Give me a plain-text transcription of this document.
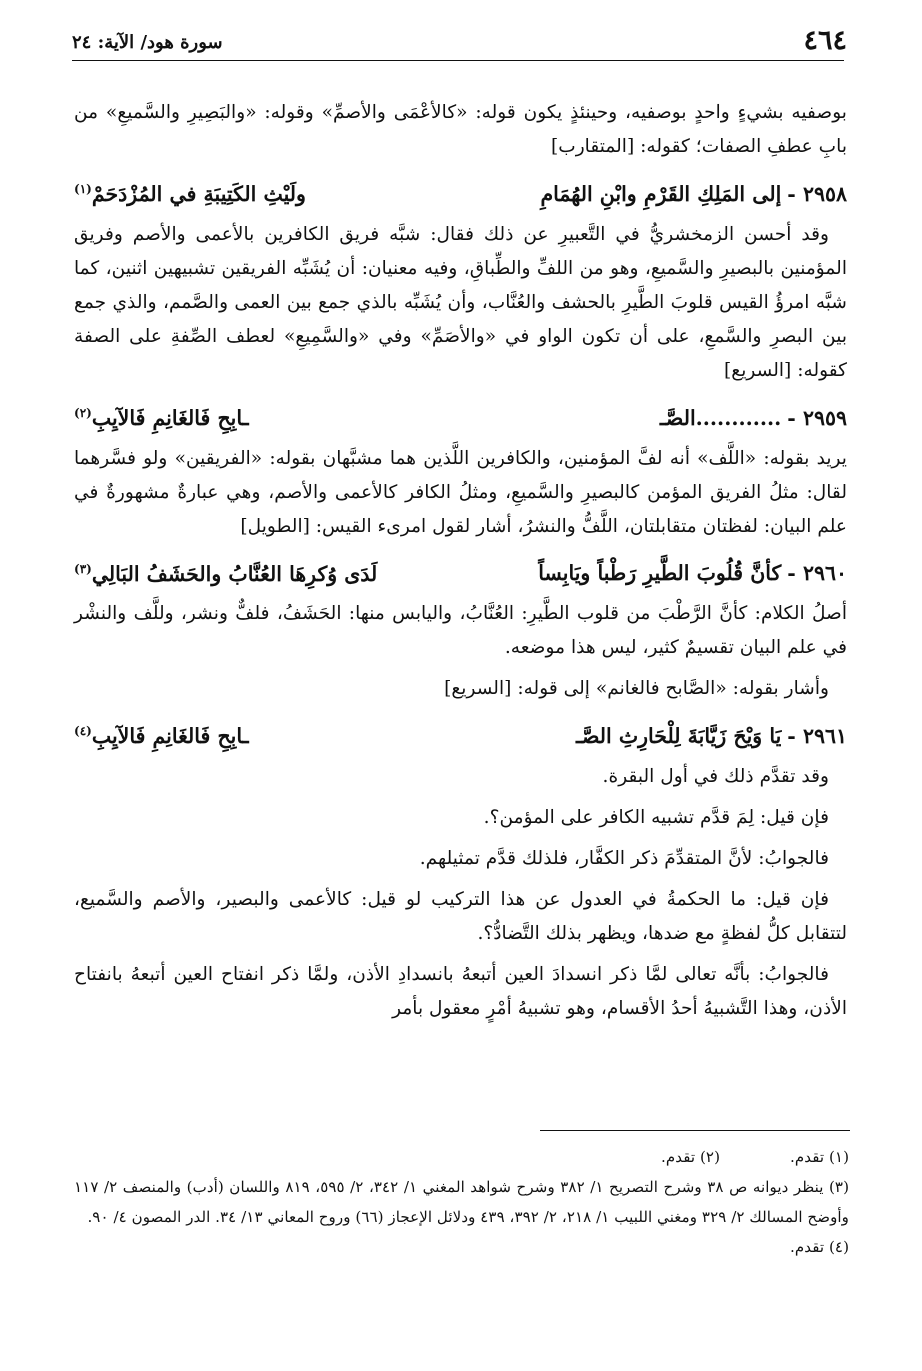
٤٦٤
سورة هود/ الآية: ٢٤

بوصفيه بشيءٍ واحدٍ بوصفيه، وحينئذٍ يكون قوله: «كالأعْمَى والأصمِّ» وقوله: «والبَصِيرِ والسَّميعِ» من بابِ عطفِ الصفات؛ كقوله: [المتقارب]

٢٩٥٨ -
إلى المَلِكِ القَرْمِ وابْنِ الهُمَامِ
ولَيْثِ الكَتِيبَةِ في المُزْدَحَمْ$^{(١)}$

وقد أحسن الزمخشريُّ في التَّعبيرِ عن ذلك فقال: شبَّه فريق الكافرين بالأعمى والأصم وفريق المؤمنين بالبصيرِ والسَّميعِ، وهو من اللفِّ والطِّباقِ، وفيه معنيان: أن يُشَبِّه الفريقين تشبيهين اثنين، كما شبَّه امرؤُ القيس قلوبَ الطَّيرِ بالحشف والعُنَّاب، وأن يُشَبِّه بالذي جمع بين العمى والصَّمم، والذي جمع بين البصرِ والسَّمعِ، على أن تكون الواو في «والأصَمِّ» وفي «والسَّمِيعِ» لعطف الصِّفةِ على الصفة كقوله: [السريع]

٢٩٥٩ -
............الصَّـ
ـابِحِ فَالغَانِمِ فَالآيِبِ$^{(٢)}$

يريد بقوله: «اللَّف» أنه لفَّ المؤمنين، والكافرين اللَّذين هما مشبَّهان بقوله: «الفريقين» ولو فسَّرهما لقال: مثلُ الفريق المؤمن كالبصيرِ والسَّميعِ، ومثلُ الكافر كالأعمى والأصم، وهي عبارةٌ مشهورةٌ في علم البيان: لفظتان متقابلتان، اللَّفُّ والنشرُ، أشار لقول امرىء القيس: [الطويل]

٢٩٦٠ -
كأنَّ قُلُوبَ الطَّيرِ رَطْباً ويَابِساً
لَدَى وُكرِهَا العُنَّابُ والحَشَفُ البَالِي$^{(٣)}$

أصلُ الكلام: كأنَّ الرَّطْبَ من قلوب الطَّيرِ: العُنَّابُ، واليابس منها: الحَشَفُ، فلفٌّ ونشر، وللَّف والنشْر في علم البيان تقسيمٌ كثير، ليس هذا موضعه.

وأشار بقوله: «الصَّابح فالغانم» إلى قوله: [السريع]

٢٩٦١ -
يَا وَيْحَ زَيَّابَةَ لِلْحَارِثِ الصَّـ
ـابِحِ فَالغَانِمِ فَالآيِبِ$^{(٤)}$

وقد تقدَّم ذلك في أول البقرة.

فإن قيل: لِمَ قدَّم تشبيه الكافر على المؤمن؟.

فالجوابُ: لأنَّ المتقدِّمَ ذكر الكفَّار، فلذلك قدَّم تمثيلهم.

فإن قيل: ما الحكمةُ في العدول عن هذا التركيب لو قيل: كالأعمى والبصير، والأصم والسَّميع، لتتقابل كلُّ لفظةٍ مع ضدها، ويظهر بذلك التَّضادُّ؟.

فالجوابُ: بأنَّه تعالى لمَّا ذكر انسدادَ العين أتبعهُ بانسدادِ الأذن، ولمَّا ذكر انفتاح العين أتبعهُ بانفتاح الأذن، وهذا التَّشبيهُ أحدُ الأقسام، وهو تشبيهُ أمْرٍ معقول بأمر

(١) تقدم.
(٢) تقدم.
(٣) ينظر ديوانه ص ٣٨ وشرح التصريح ١/ ٣٨٢ وشرح شواهد المغني ١/ ٣٤٢، ٢/ ٥٩٥، ٨١٩ واللسان (أدب) والمنصف ٢/ ١١٧ وأوضح المسالك ٢/ ٣٢٩ ومغني اللبيب ١/ ٢١٨، ٢/ ٣٩٢، ٤٣٩ ودلائل الإعجاز (٦٦) وروح المعاني ١٣/ ٣٤. الدر المصون ٤/ ٩٠.
(٤) تقدم.
